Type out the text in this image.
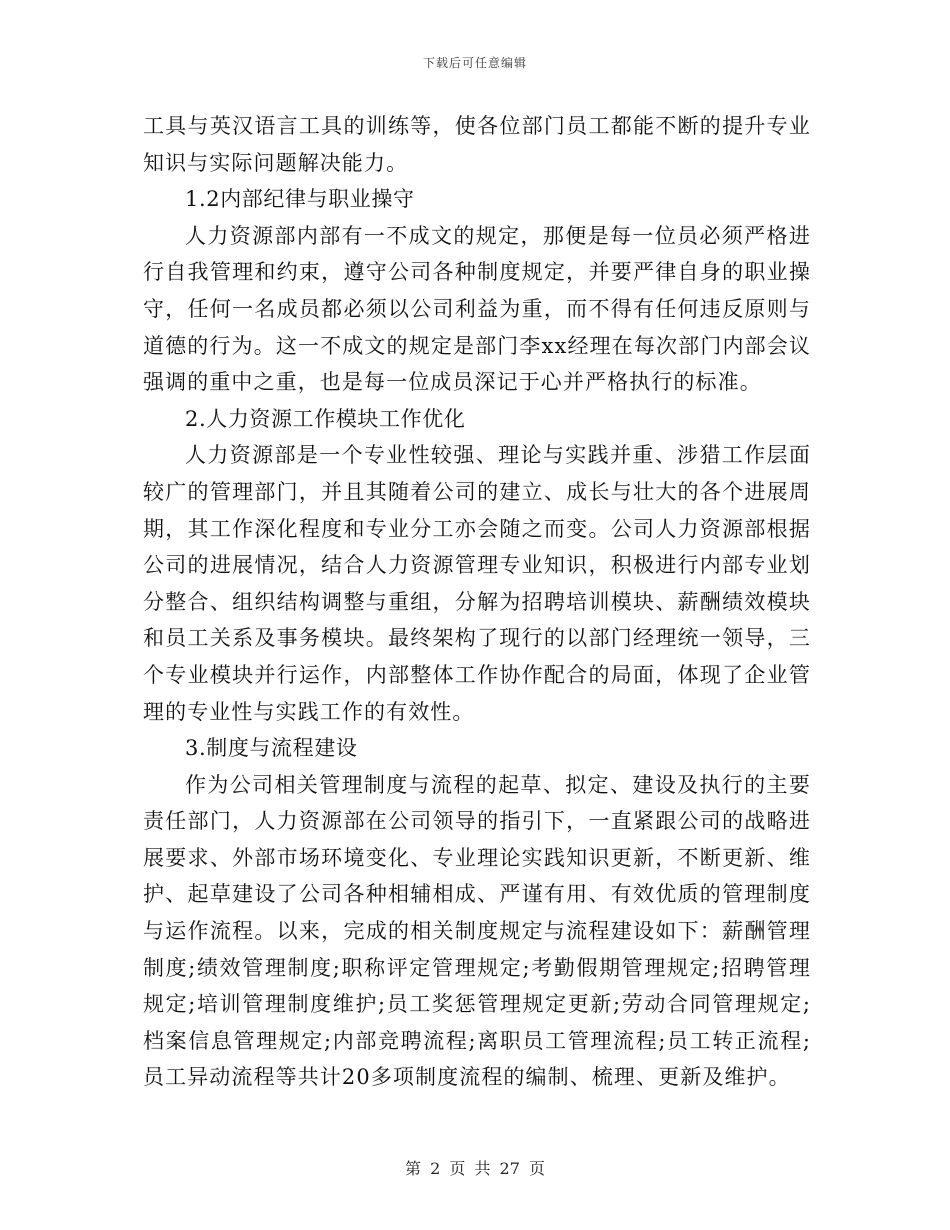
下载后可任意编辑

工具与英汉语言工具的训练等，使各位部门员工都能不断的提升专业知识与实际问题解决能力。

1.2内部纪律与职业操守

人力资源部内部有一不成文的规定，那便是每一位员必须严格进行自我管理和约束，遵守公司各种制度规定，并要严律自身的职业操守，任何一名成员都必须以公司利益为重，而不得有任何违反原则与道德的行为。这一不成文的规定是部门李xx经理在每次部门内部会议强调的重中之重，也是每一位成员深记于心并严格执行的标准。

2.人力资源工作模块工作优化

人力资源部是一个专业性较强、理论与实践并重、涉猎工作层面较广的管理部门，并且其随着公司的建立、成长与壮大的各个进展周期，其工作深化程度和专业分工亦会随之而变。公司人力资源部根据公司的进展情况，结合人力资源管理专业知识，积极进行内部专业划分整合、组织结构调整与重组，分解为招聘培训模块、薪酬绩效模块和员工关系及事务模块。最终架构了现行的以部门经理统一领导，三个专业模块并行运作，内部整体工作协作配合的局面，体现了企业管理的专业性与实践工作的有效性。

3.制度与流程建设

作为公司相关管理制度与流程的起草、拟定、建设及执行的主要责任部门，人力资源部在公司领导的指引下，一直紧跟公司的战略进展要求、外部市场环境变化、专业理论实践知识更新，不断更新、维护、起草建设了公司各种相辅相成、严谨有用、有效优质的管理制度与运作流程。以来，完成的相关制度规定与流程建设如下：薪酬管理制度;绩效管理制度;职称评定管理规定;考勤假期管理规定;招聘管理规定;培训管理制度维护;员工奖惩管理规定更新;劳动合同管理规定;档案信息管理规定;内部竞聘流程;离职员工管理流程;员工转正流程;员工异动流程等共计20多项制度流程的编制、梳理、更新及维护。

第 2 页 共 27 页
